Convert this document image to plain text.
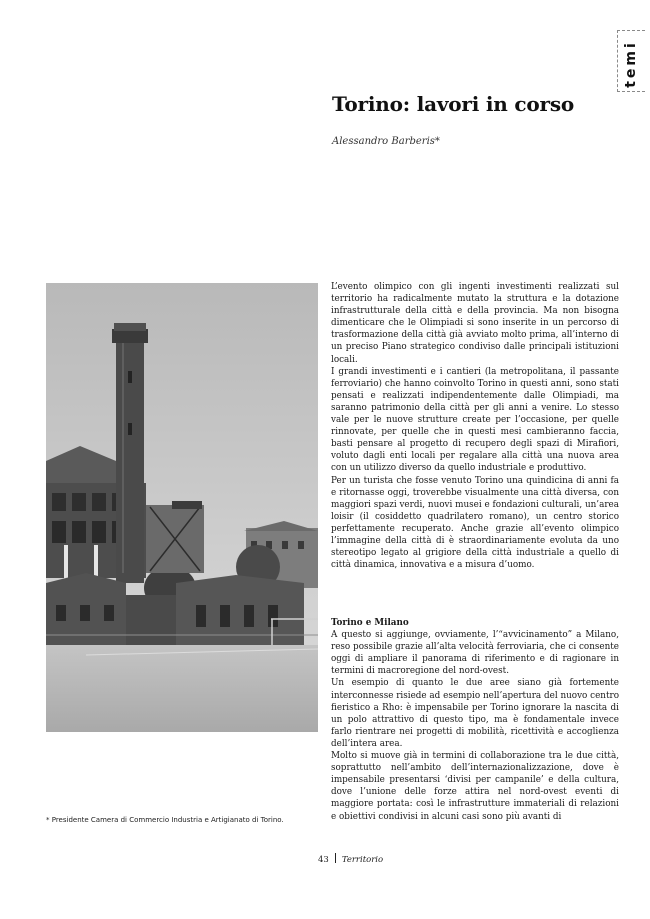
temi
Torino: lavori in corso
Alessandro Barberis*
* Presidente Camera di Commercio Industria e Artigianato di Torino.

L’evento olimpico con gli ingenti investimenti realizzati sul territorio ha radicalmente mutato la struttura e la dotazione infrastrutturale della città e della provincia. Ma non bisogna dimenticare che le Olimpiadi si sono inserite in un percorso di trasformazione della città già avviato molto prima, all’interno di un preciso Piano strategico condiviso dalle principali istituzioni locali.

I grandi investimenti e i cantieri (la metropolitana, il passante ferroviario) che hanno coinvolto Torino in questi anni, sono stati pensati e realizzati indipendentemente dalle Olimpiadi, ma saranno patrimonio della città per gli anni a venire. Lo stesso vale per le nuove strutture create per l’occasione, per quelle rinnovate, per quelle che in questi mesi cambieranno faccia, basti pensare al progetto di recupero degli spazi di Mirafiori, voluto dagli enti locali per regalare alla città una nuova area con un utilizzo diverso da quello industriale e produttivo.

Per un turista che fosse venuto Torino una quindicina di anni fa e ritornasse oggi, troverebbe visualmente una città diversa, con maggiori spazi verdi, nuovi musei e fondazioni culturali, un’area loisir (il cosiddetto quadrilatero romano), un centro storico perfettamente recuperato. Anche grazie all’evento olimpico l’immagine della città di è straordinariamente evoluta da uno stereotipo legato al grigiore della città industriale a quello di città dinamica, innovativa e a misura d’uomo.

Torino e Milano

A questo si aggiunge, ovviamente, l’“avvicinamento” a Milano, reso possibile grazie all’alta velocità ferroviaria, che ci consente oggi di ampliare il panorama di riferimento e di ragionare in termini di macroregione del nord-ovest.

Un esempio di quanto le due aree siano già fortemente interconnesse risiede ad esempio nell’apertura del nuovo centro fieristico a Rho: è impensabile per Torino ignorare la nascita di un polo attrattivo di questo tipo, ma è fondamentale invece farlo rientrare nei progetti di mobilità, ricettività e accoglienza dell’intera area.

Molto si muove già in termini di collaborazione tra le due città, soprattutto nell’ambito dell’internazionalizzazione, dove è impensabile presentarsi ‘divisi per campanile’ e della cultura, dove l’unione delle forze attira nel nord-ovest eventi di maggiore portata: così le infrastrutture immateriali di relazioni e obiettivi condivisi in alcuni casi sono più avanti di

43 Territorio
